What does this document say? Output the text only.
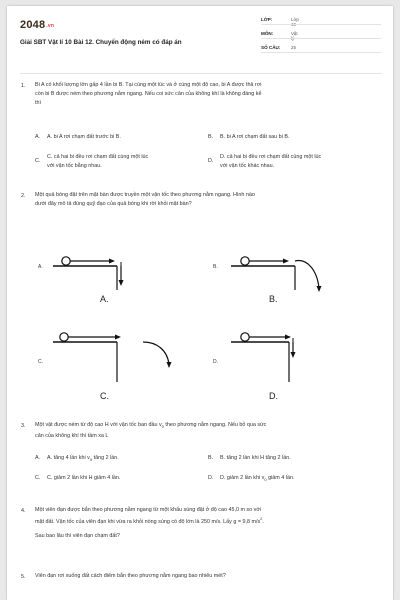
2048.vn
Giải SBT Vật lí 10 Bài 12. Chuyển động ném có đáp án
LỚP:	Lớp 10
MÔN:	Vật lý
SỐ CÂU:	25
1. Bi A có khối lượng lớn gấp 4 lần bi B. Tại cùng một lúc và ở cùng một độ cao, bi A được thả rơi
còn bi B được ném theo phương nằm ngang. Nếu coi sức cản của không khí là không đáng kể
thì
A. A. bi A rơi chạm đất trước bi B.	B. B. bi A rơi chạm đất sau bi B.
C.
C. cả hai bi đều rơi chạm đất cùng một lúc
với vận tốc bằng nhau.
D.
D. cả hai bi đều rơi chạm đất cùng một lúc
với vận tốc khác nhau.
2. Một quả bóng đặt trên mặt bàn được truyền một vận tốc theo phương nằm ngang. Hình nào
dưới đây mô tả đúng quỹ đạo của quả bóng khi rời khỏi mặt bàn?
A.
A.
B.
B.
C.
C.
D.
D.
3. Một vật được ném từ độ cao H với vận tốc ban đầu $v_0$ theo phương nằm ngang. Nếu bỏ qua sức
cản của không khí thì tầm xa L
A. A. tăng 4 lần khi $v_0$ tăng 2 lần.	B. B. tăng 2 lần khi H tăng 2 lần.
C. C. giảm 2 lần khi H giảm 4 lần.	D. D. giảm 2 lần khi $v_0$ giảm 4 lần.
4. Một viên đạn được bắn theo phương nằm ngang từ một khẩu súng đặt ở độ cao 45,0 m so với
mặt đất. Vận tốc của viên đạn khi vừa ra khỏi nòng súng có độ lớn là 250 m/s. Lấy g = 9,8 $m/s^2$.
Sau bao lâu thì viên đạn chạm đất?
5. Viên đạn rơi xuống đất cách điểm bắn theo phương nằm ngang bao nhiêu mét?
